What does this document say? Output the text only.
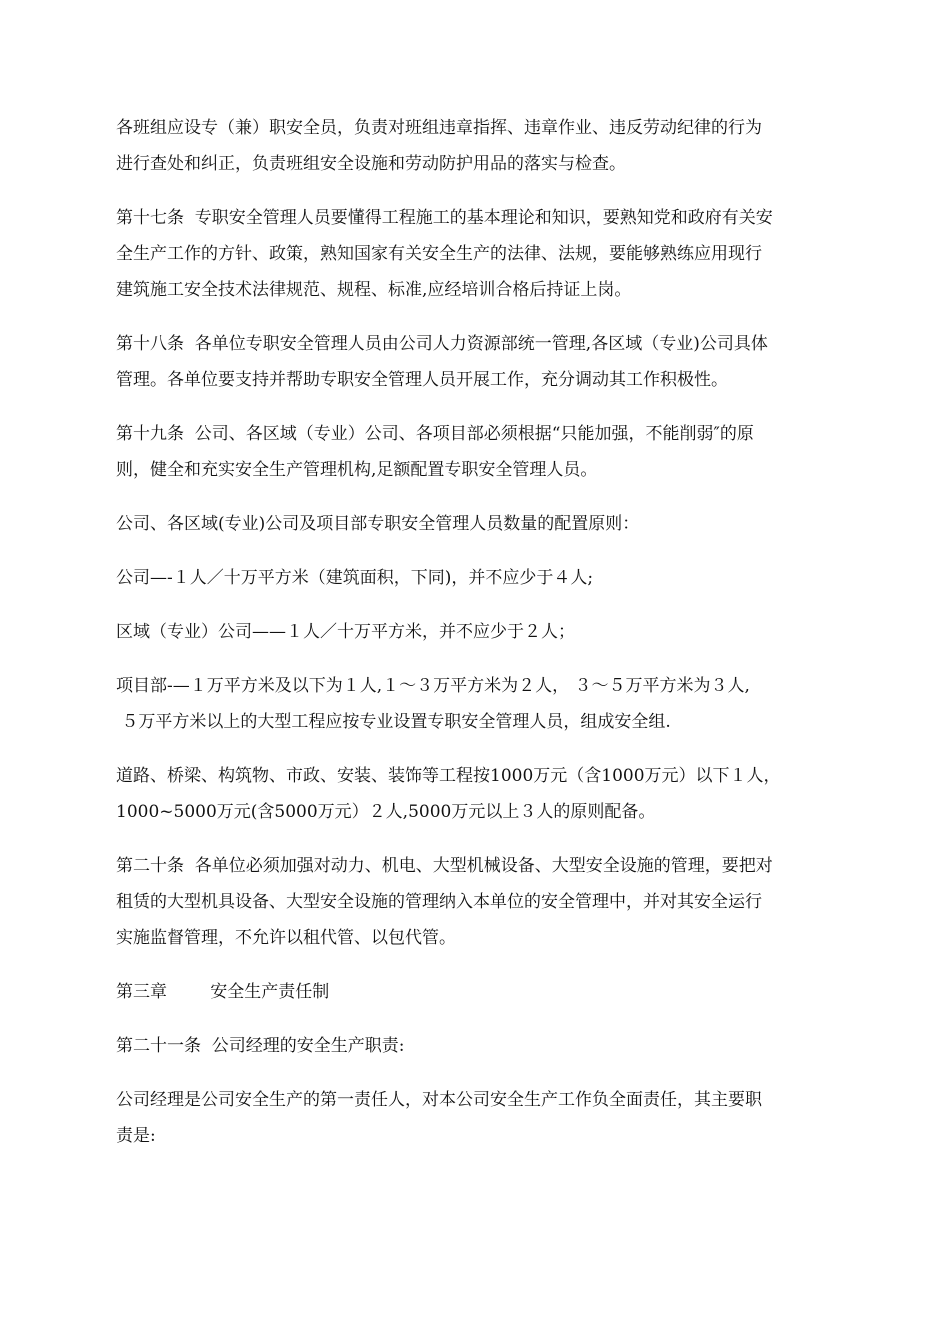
各班组应设专（兼）职安全员，负责对班组违章指挥、违章作业、违反劳动纪律的行为
进行查处和纠正，负责班组安全设施和劳动防护用品的落实与检查。

第十七条  专职安全管理人员要懂得工程施工的基本理论和知识，要熟知党和政府有关安
全生产工作的方针、政策，熟知国家有关安全生产的法律、法规，要能够熟练应用现行
建筑施工安全技术法律规范、规程、标准,应经培训合格后持证上岗。

第十八条  各单位专职安全管理人员由公司人力资源部统一管理,各区域（专业)公司具体
管理。各单位要支持并帮助专职安全管理人员开展工作，充分调动其工作积极性。

第十九条  公司、各区域（专业）公司、各项目部必须根据“只能加强，不能削弱″的原
则，健全和充实安全生产管理机构,足额配置专职安全管理人员。

公司、各区域(专业)公司及项目部专职安全管理人员数量的配置原则：

公司—-１人／十万平方米（建筑面积，下同)，并不应少于４人;

区域（专业）公司——１人／十万平方米，并不应少于２人；

项目部-—１万平方米及以下为１人,１～３万平方米为２人， ３～５万平方米为３人,
５万平方米以上的大型工程应按专业设置专职安全管理人员，组成安全组.

道路、桥梁、构筑物、市政、安装、装饰等工程按1000万元（含1000万元）以下１人，
1000~5000万元(含5000万元）２人,5000万元以上３人的原则配备。

第二十条  各单位必须加强对动力、机电、大型机械设备、大型安全设施的管理，要把对
租赁的大型机具设备、大型安全设施的管理纳入本单位的安全管理中，并对其安全运行
实施监督管理，不允许以租代管、以包代管。

第三章        安全生产责任制

第二十一条  公司经理的安全生产职责:

公司经理是公司安全生产的第一责任人，对本公司安全生产工作负全面责任，其主要职
责是:
